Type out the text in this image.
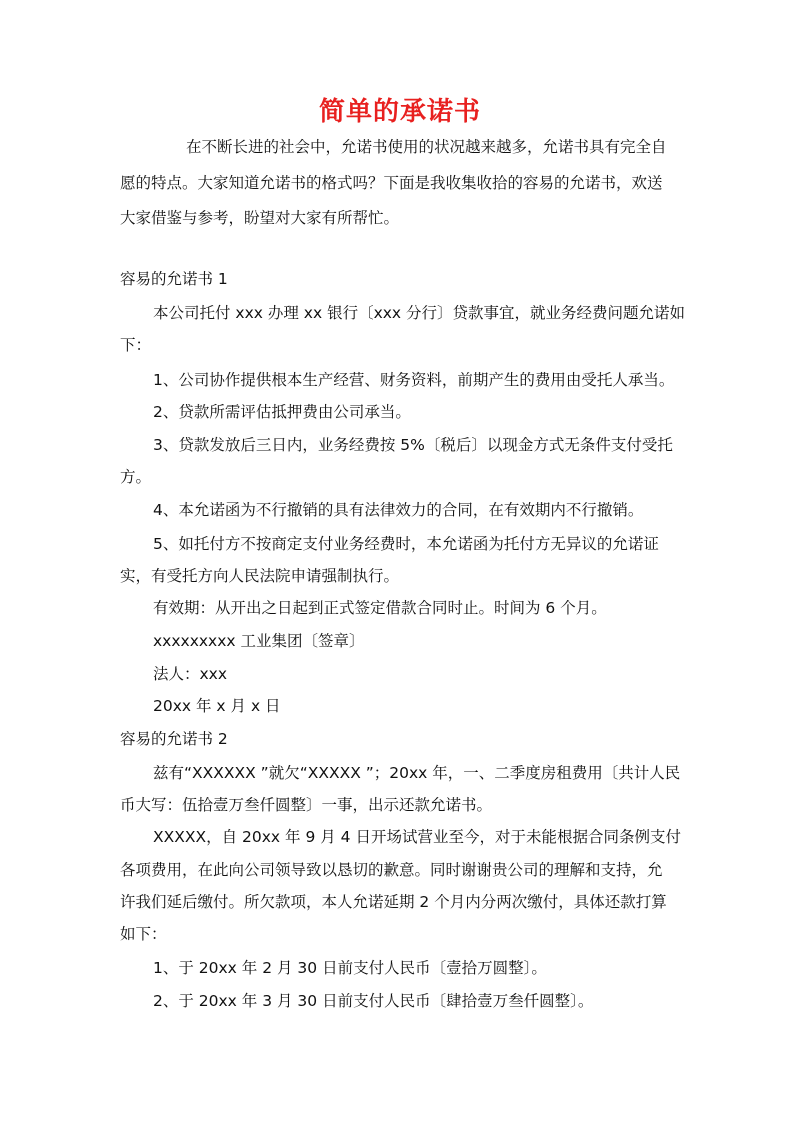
简单的承诺书
在不断长进的社会中，允诺书使用的状况越来越多，允诺书具有完全自
愿的特点。大家知道允诺书的格式吗？下面是我收集收拾的容易的允诺书，欢送
大家借鉴与参考，盼望对大家有所帮忙。
容易的允诺书 1
本公司托付 xxx 办理 xx 银行〔xxx 分行〕贷款事宜，就业务经费问题允诺如
下：
1、公司协作提供根本生产经营、财务资料，前期产生的费用由受托人承当。
2、贷款所需评估抵押费由公司承当。
3、贷款发放后三日内，业务经费按 5%〔税后〕以现金方式无条件支付受托
方。
4、本允诺函为不行撤销的具有法律效力的合同，在有效期内不行撤销。
5、如托付方不按商定支付业务经费时，本允诺函为托付方无异议的允诺证
实，有受托方向人民法院申请强制执行。
有效期：从开出之日起到正式签定借款合同时止。时间为 6 个月。
xxxxxxxxx 工业集团〔签章〕
法人：xxx
20xx 年 x 月 x 日
容易的允诺书 2
兹有“XXXXXX ”就欠“XXXXX ”；20xx 年，一、二季度房租费用〔共计人民
币大写：伍拾壹万叁仟圆整〕一事，出示还款允诺书。
XXXXX，自 20xx 年 9 月 4 日开场试营业至今，对于未能根据合同条例支付
各项费用，在此向公司领导致以恳切的歉意。同时谢谢贵公司的理解和支持，允
许我们延后缴付。所欠款项，本人允诺延期 2 个月内分两次缴付，具体还款打算
如下：
1、于 20xx 年 2 月 30 日前支付人民币〔壹拾万圆整〕。
2、于 20xx 年 3 月 30 日前支付人民币〔肆拾壹万叁仟圆整〕。
